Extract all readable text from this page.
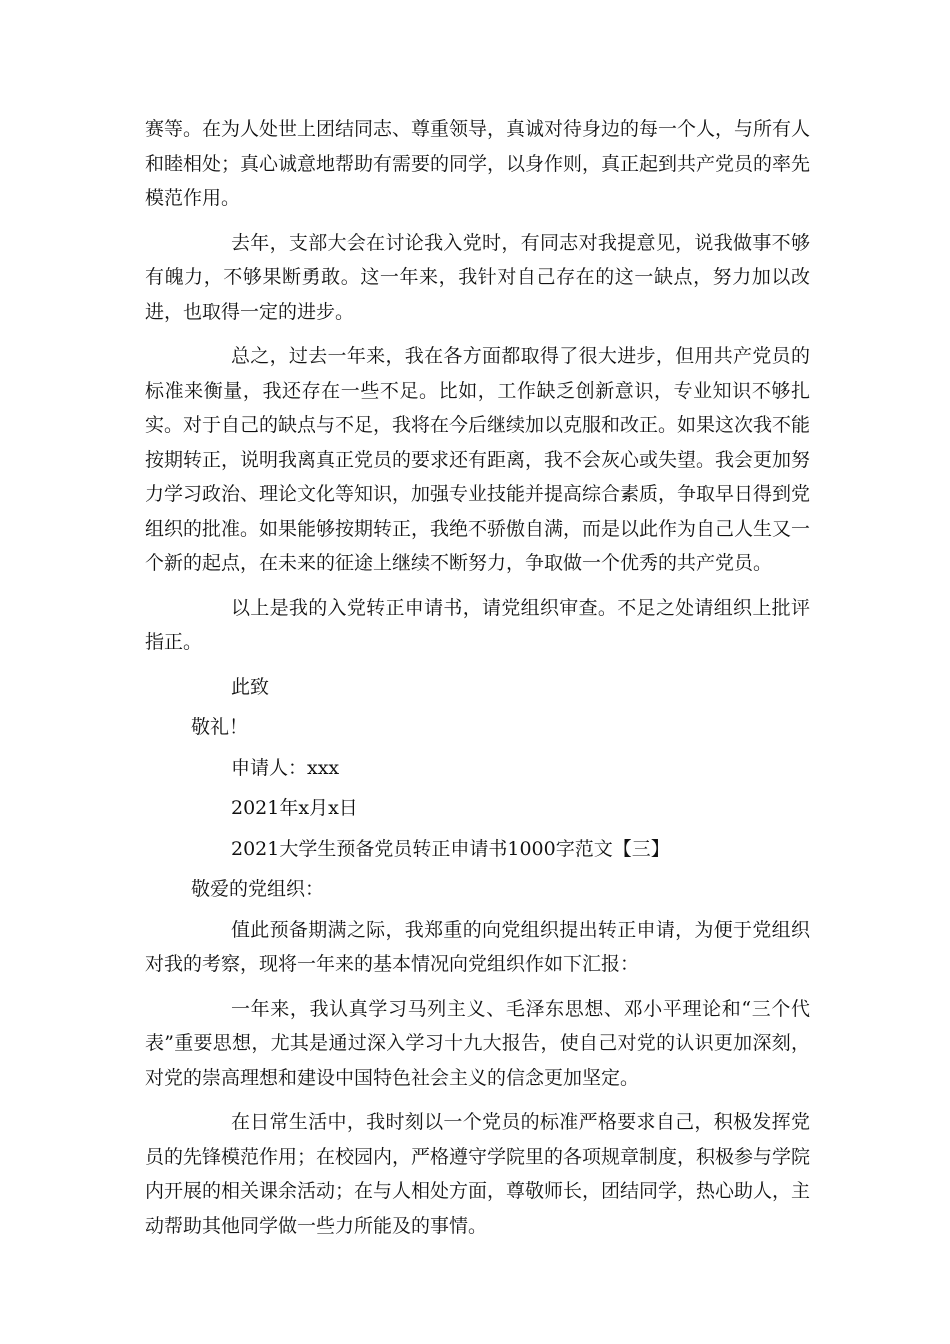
赛等。在为人处世上团结同志、尊重领导，真诚对待身边的每一个人，与所有人和睦相处；真心诚意地帮助有需要的同学，以身作则，真正起到共产党员的率先模范作用。

去年，支部大会在讨论我入党时，有同志对我提意见，说我做事不够有魄力，不够果断勇敢。这一年来，我针对自己存在的这一缺点，努力加以改进，也取得一定的进步。

总之，过去一年来，我在各方面都取得了很大进步，但用共产党员的标准来衡量，我还存在一些不足。比如，工作缺乏创新意识，专业知识不够扎实。对于自己的缺点与不足，我将在今后继续加以克服和改正。如果这次我不能按期转正，说明我离真正党员的要求还有距离，我不会灰心或失望。我会更加努力学习政治、理论文化等知识，加强专业技能并提高综合素质，争取早日得到党组织的批准。如果能够按期转正，我绝不骄傲自满，而是以此作为自己人生又一个新的起点，在未来的征途上继续不断努力，争取做一个优秀的共产党员。

以上是我的入党转正申请书，请党组织审查。不足之处请组织上批评指正。

此致
敬礼！
申请人：xxx
2021年x月x日
2021大学生预备党员转正申请书1000字范文【三】
敬爱的党组织：

值此预备期满之际，我郑重的向党组织提出转正申请，为便于党组织对我的考察，现将一年来的基本情况向党组织作如下汇报：

一年来，我认真学习马列主义、毛泽东思想、邓小平理论和“三个代表”重要思想，尤其是通过深入学习十九大报告，使自己对党的认识更加深刻，对党的崇高理想和建设中国特色社会主义的信念更加坚定。

在日常生活中，我时刻以一个党员的标准严格要求自己，积极发挥党员的先锋模范作用；在校园内，严格遵守学院里的各项规章制度，积极参与学院内开展的相关课余活动；在与人相处方面，尊敬师长，团结同学，热心助人，主动帮助其他同学做一些力所能及的事情。
